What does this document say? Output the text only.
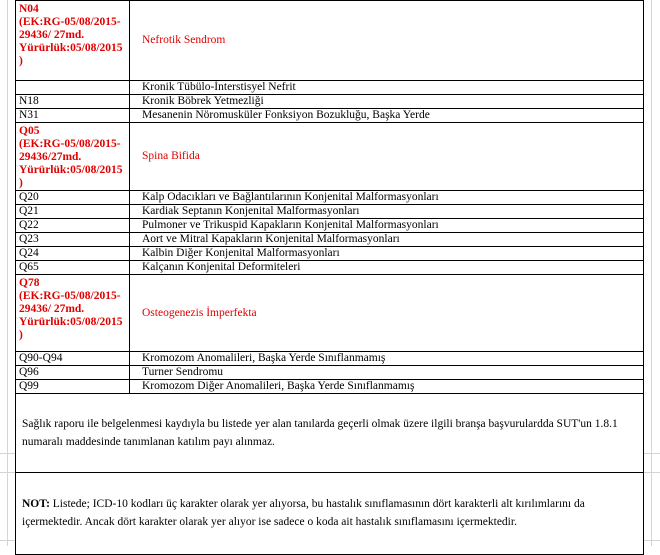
N04
(EK:RG-05/08/2015-
29436/ 27md.
Yürürlük:05/08/2015
)	Nefrotik Sendrom
	Kronik Tübülo-İnterstisyel Nefrit
N18	Kronik Böbrek Yetmezliği
N31	Mesanenin Nöromusküler Fonksiyon Bozukluğu, Başka Yerde
Q05
(EK:RG-05/08/2015-
29436/27md.
Yürürlük:05/08/2015
)	Spina Bifida
Q20	Kalp Odacıkları ve Bağlantılarının Konjenital Malformasyonları
Q21	Kardiak Septanın Konjenital Malformasyonları
Q22	Pulmoner ve Trikuspid Kapakların Konjenital Malformasyonları
Q23	Aort ve Mitral Kapakların Konjenital Malformasyonları
Q24	Kalbin Diğer Konjenital Malformasyonları
Q65	Kalçanın Konjenital Deformiteleri
Q78
(EK:RG-05/08/2015-
29436/ 27md.
Yürürlük:05/08/2015
)	Osteogenezis İmperfekta
Q90-Q94	Kromozom Anomalileri, Başka Yerde Sınıflanmamış
Q96	Turner Sendromu
Q99	Kromozom Diğer Anomalileri, Başka Yerde Sınıflanmamış
Sağlık raporu ile belgelenmesi kaydıyla bu listede yer alan tanılarda geçerli olmak üzere ilgili branşa başvurulardda SUT'un 1.8.1 numaralı maddesinde tanımlanan katılım payı alınmaz.	
NOT: Listede; ICD-10 kodları üç karakter olarak yer alıyorsa, bu hastalık sınıflamasının dört karakterli alt kırılımlarını da içermektedir. Ancak dört karakter olarak yer alıyor ise sadece o koda ait hastalık sınıflamasını içermektedir.	
